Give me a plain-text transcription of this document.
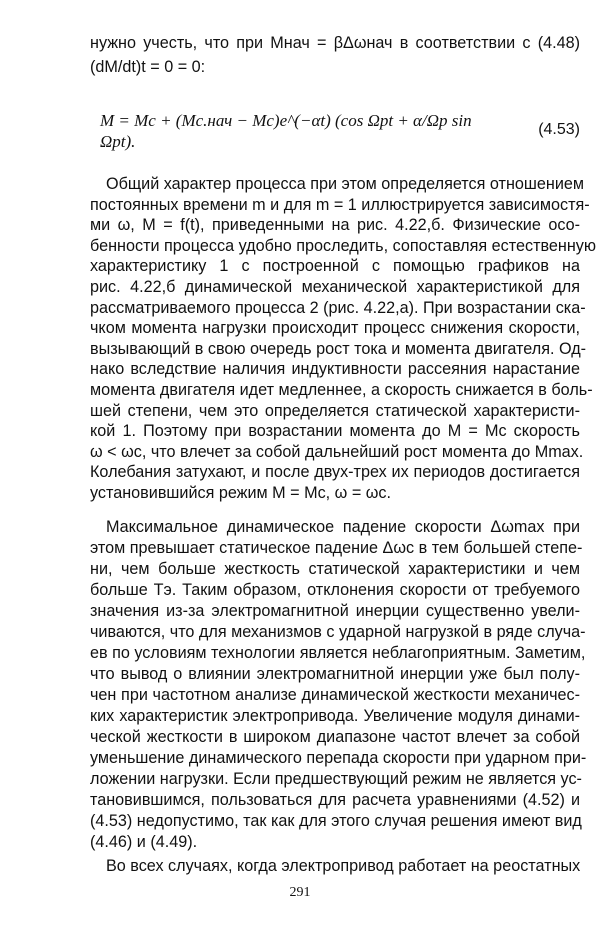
нужно учесть, что при Mнач = βΔωнач в соответствии с (4.48)
(dM/dt)t = 0 = 0:
M = Mс + (Mс.нач − Mс)e^(−αt) (cos Ωрt + α/Ωр sin Ωрt).
(4.53)
Общий характер процесса при этом определяется отношением
постоянных времени m и для m = 1 иллюстрируется зависимостя-
ми ω, M = f(t), приведенными на рис. 4.22,б. Физические осо-
бенности процесса удобно проследить, сопоставляя естественную
характеристику 1 с построенной с помощью графиков на
рис. 4.22,б динамической механической характеристикой для
рассматриваемого процесса 2 (рис. 4.22,а). При возрастании ска-
чком момента нагрузки происходит процесс снижения скорости,
вызывающий в свою очередь рост тока и момента двигателя. Од-
нако вследствие наличия индуктивности рассеяния нарастание
момента двигателя идет медленнее, а скорость снижается в боль-
шей степени, чем это определяется статической характеристи-
кой 1. Поэтому при возрастании момента до M = Mс скорость
ω < ωс, что влечет за собой дальнейший рост момента до Mmax.
Колебания затухают, и после двух-трех их периодов достигается
установившийся режим M = Mс, ω = ωс.
Максимальное динамическое падение скорости Δωmax при
этом превышает статическое падение Δωс в тем большей степе-
ни, чем больше жесткость статической характеристики и чем
больше Tэ. Таким образом, отклонения скорости от требуемого
значения из-за электромагнитной инерции существенно увели-
чиваются, что для механизмов с ударной нагрузкой в ряде случа-
ев по условиям технологии является неблагоприятным. Заметим,
что вывод о влиянии электромагнитной инерции уже был полу-
чен при частотном анализе динамической жесткости механичес-
ких характеристик электропривода. Увеличение модуля динами-
ческой жесткости в широком диапазоне частот влечет за собой
уменьшение динамического перепада скорости при ударном при-
ложении нагрузки. Если предшествующий режим не является ус-
тановившимся, пользоваться для расчета уравнениями (4.52) и
(4.53) недопустимо, так как для этого случая решения имеют вид
(4.46) и (4.49).
Во всех случаях, когда электропривод работает на реостатных
291
